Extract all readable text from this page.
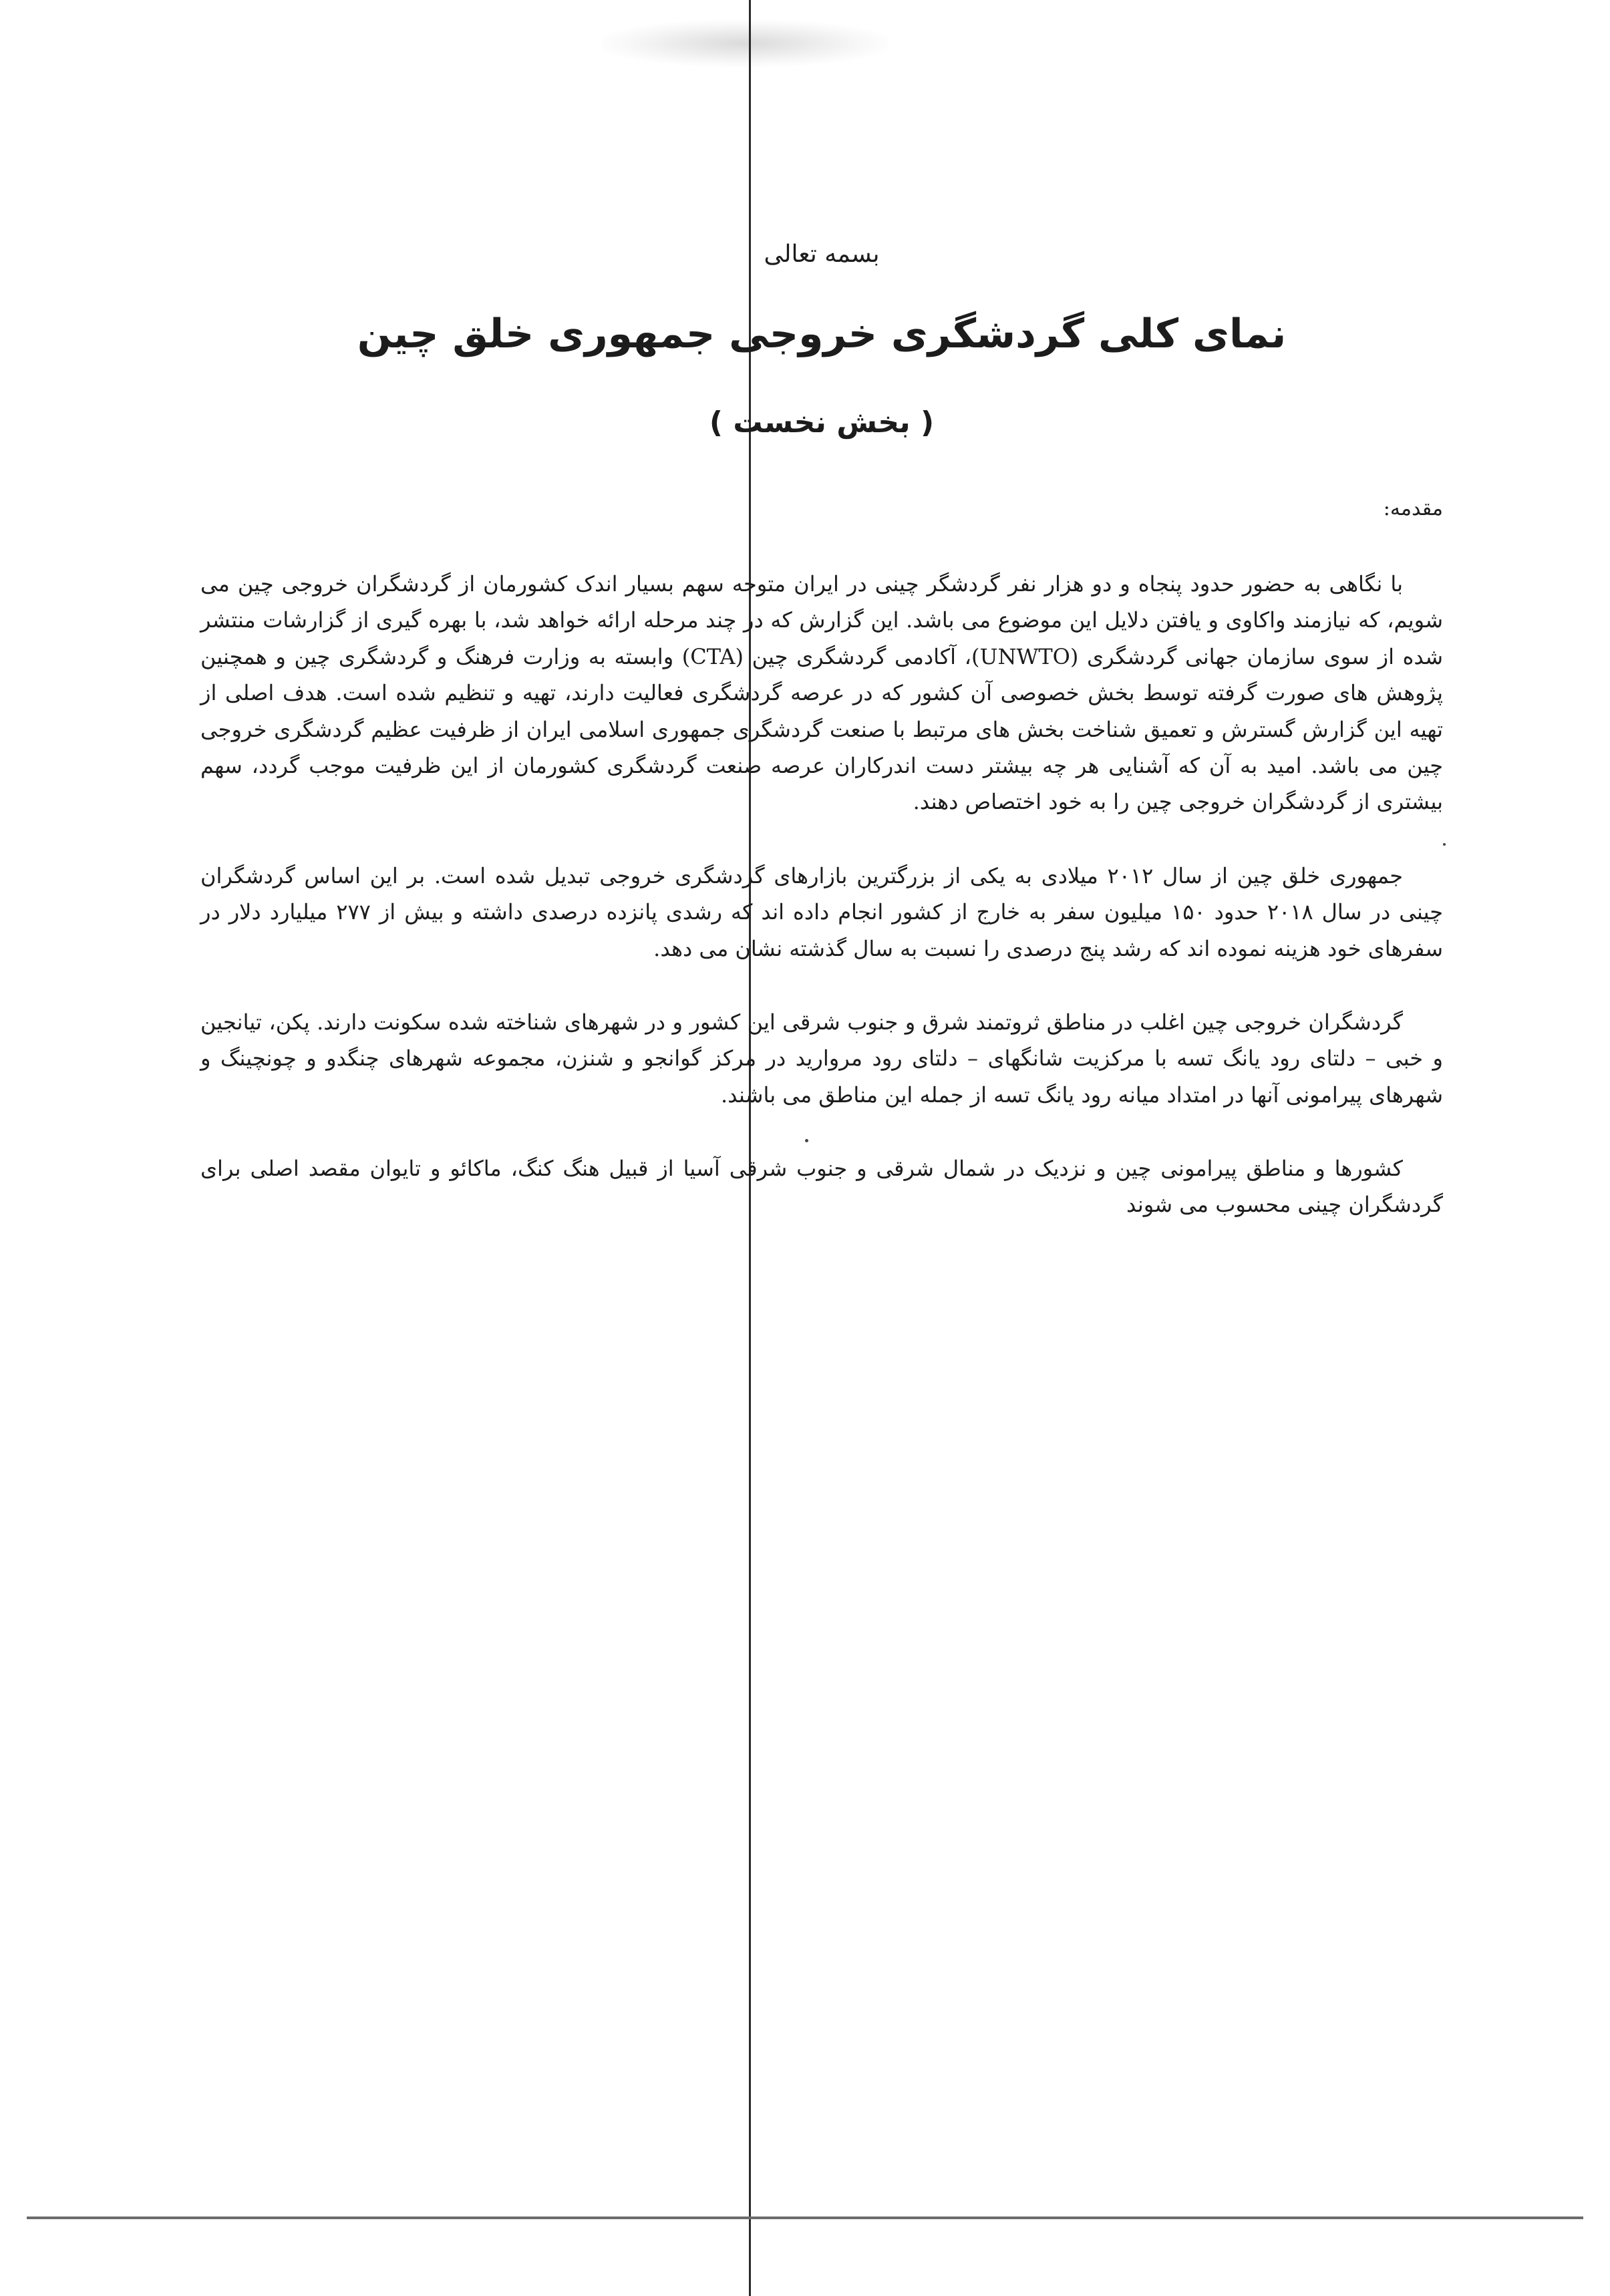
بسمه تعالی
نمای کلی گردشگری خروجی جمهوری خلق چین
( بخش نخست )
مقدمه:

با نگاهی به حضور حدود پنجاه و دو هزار نفر گردشگر چینی در ایران متوجه سهم بسیار اندک کشورمان از گردشگران خروجی چین می شویم، که نیازمند واکاوی و یافتن دلایل این موضوع می باشد. این گزارش که در چند مرحله ارائه خواهد شد، با بهره گیری از گزارشات منتشر شده از سوی سازمان جهانی گردشگری (UNWTO)، آکادمی گردشگری چین (CTA) وابسته به وزارت فرهنگ و گردشگری چین و همچنین پژوهش های صورت گرفته توسط بخش خصوصی آن کشور که در عرصه گردشگری فعالیت دارند، تهیه و تنظیم شده است. هدف اصلی از تهیه این گزارش گسترش و تعمیق شناخت بخش های مرتبط با صنعت گردشگری جمهوری اسلامی ایران از ظرفیت عظیم گردشگری خروجی چین می باشد. امید به آن که آشنایی هر چه بیشتر دست اندرکاران عرصه صنعت گردشگری کشورمان از این ظرفیت موجب گردد، سهم بیشتری از گردشگران خروجی چین را به خود اختصاص دهند.

جمهوری خلق چین از سال ۲۰۱۲ میلادی به یکی از بزرگترین بازارهای گردشگری خروجی تبدیل شده است. بر این اساس گردشگران چینی در سال ۲۰۱۸ حدود ۱۵۰ میلیون سفر به خارج از کشور انجام داده اند که رشدی پانزده درصدی داشته و بیش از ۲۷۷ میلیارد دلار در سفرهای خود هزینه نموده اند که رشد پنج درصدی را نسبت به سال گذشته نشان می دهد.

گردشگران خروجی چین اغلب در مناطق ثروتمند شرق و جنوب شرقی این کشور و در شهرهای شناخته شده سکونت دارند. پکن، تیانجین و خبی – دلتای رود یانگ تسه با مرکزیت شانگهای – دلتای رود مروارید در مرکز گوانجو و شنزن، مجموعه شهرهای چنگدو و چونچینگ و شهرهای پیرامونی آنها در امتداد میانه رود یانگ تسه از جمله این مناطق می باشند.

کشورها و مناطق پیرامونی چین و نزدیک در شمال شرقی و جنوب شرقی آسیا از قبیل هنگ کنگ، ماکائو و تایوان مقصد اصلی برای گردشگران چینی محسوب می شوند
